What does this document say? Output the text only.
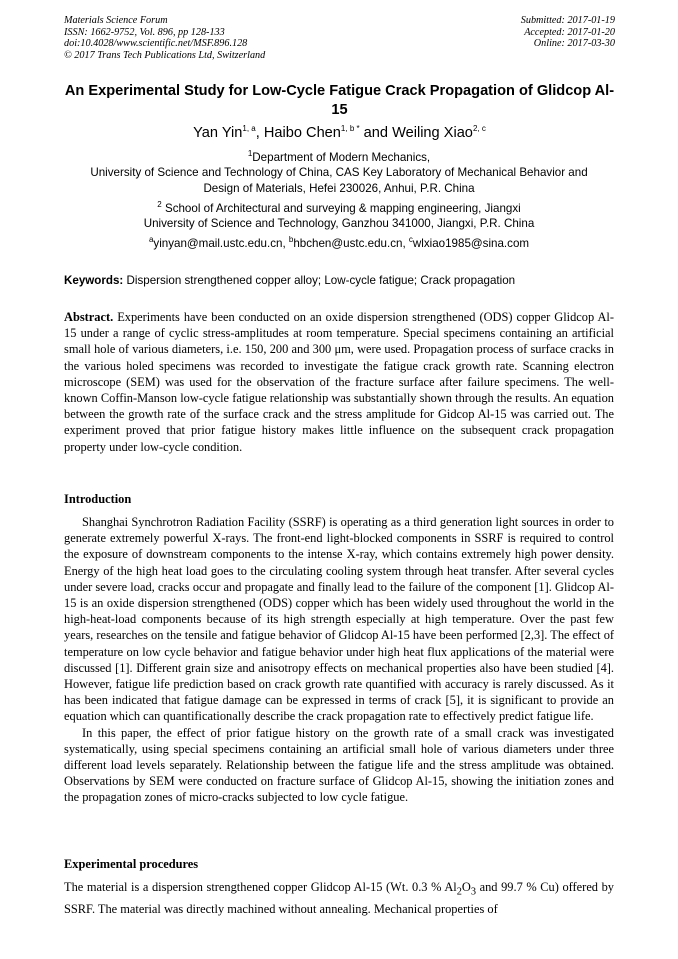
Materials Science Forum
ISSN: 1662-9752, Vol. 896, pp 128-133
doi:10.4028/www.scientific.net/MSF.896.128
© 2017 Trans Tech Publications Ltd, Switzerland
Submitted: 2017-01-19
Accepted: 2017-01-20
Online: 2017-03-30
An Experimental Study for Low-Cycle Fatigue Crack Propagation of Glidcop Al-15
Yan Yin$^{1, a}$, Haibo Chen$^{1, b *}$ and Weiling Xiao$^{2, c}$
$^1$Department of Modern Mechanics,
University of Science and Technology of China, CAS Key Laboratory of Mechanical Behavior and
Design of Materials, Hefei 230026, Anhui, P.R. China
$^2$ School of Architectural and surveying & mapping engineering, Jiangxi
University of Science and Technology, Ganzhou 341000, Jiangxi, P.R. China
$^a$yinyan@mail.ustc.edu.cn, $^b$hbchen@ustc.edu.cn, $^c$wlxiao1985@sina.com
Keywords: Dispersion strengthened copper alloy; Low-cycle fatigue; Crack propagation
Abstract. Experiments have been conducted on an oxide dispersion strengthened (ODS) copper Glidcop Al-15 under a range of cyclic stress-amplitudes at room temperature. Special specimens containing an artificial small hole of various diameters, i.e. 150, 200 and 300 μm, were used. Propagation process of surface cracks in the various holed specimens was recorded to investigate the fatigue crack growth rate. Scanning electron microscope (SEM) was used for the observation of the fracture surface after failure specimens. The well-known Coffin-Manson low-cycle fatigue relationship was substantially shown through the results. An equation between the growth rate of the surface crack and the stress amplitude for Gidcop Al-15 was carried out. The experiment proved that prior fatigue history makes little influence on the subsequent crack propagation property under low-cycle condition.
Introduction

Shanghai Synchrotron Radiation Facility (SSRF) is operating as a third generation light sources in order to generate extremely powerful X-rays. The front-end light-blocked components in SSRF is required to control the exposure of downstream components to the intense X-ray, which contains extremely high power density. Energy of the high heat load goes to the circulating cooling system through heat transfer. After several cycles under severe load, cracks occur and propagate and finally lead to the failure of the component [1]. Glidcop Al-15 is an oxide dispersion strengthened (ODS) copper which has been widely used throughout the world in the high-heat-load components because of its high strength especially at high temperature. Over the past few years, researches on the tensile and fatigue behavior of Glidcop Al-15 have been performed [2,3]. The effect of temperature on low cycle behavior and fatigue behavior under high heat flux applications of the material were discussed [1]. Different grain size and anisotropy effects on mechanical properties also have been studied [4]. However, fatigue life prediction based on crack growth rate quantified with accuracy is rarely discussed. As it has been indicated that fatigue damage can be expressed in terms of crack [5], it is significant to provide an equation which can quantificationally describe the crack propagation rate to effectively predict fatigue life.

In this paper, the effect of prior fatigue history on the growth rate of a small crack was investigated systematically, using special specimens containing an artificial small hole of various diameters under three different load levels separately. Relationship between the fatigue life and the stress amplitude was obtained. Observations by SEM were conducted on fracture surface of Glidcop Al-15, showing the initiation zones and the propagation zones of micro-cracks subjected to low cycle fatigue.

Experimental procedures

The material is a dispersion strengthened copper Glidcop Al-15 (Wt. 0.3 % $Al_2O_3$ and 99.7 % Cu) offered by SSRF. The material was directly machined without annealing. Mechanical properties of
